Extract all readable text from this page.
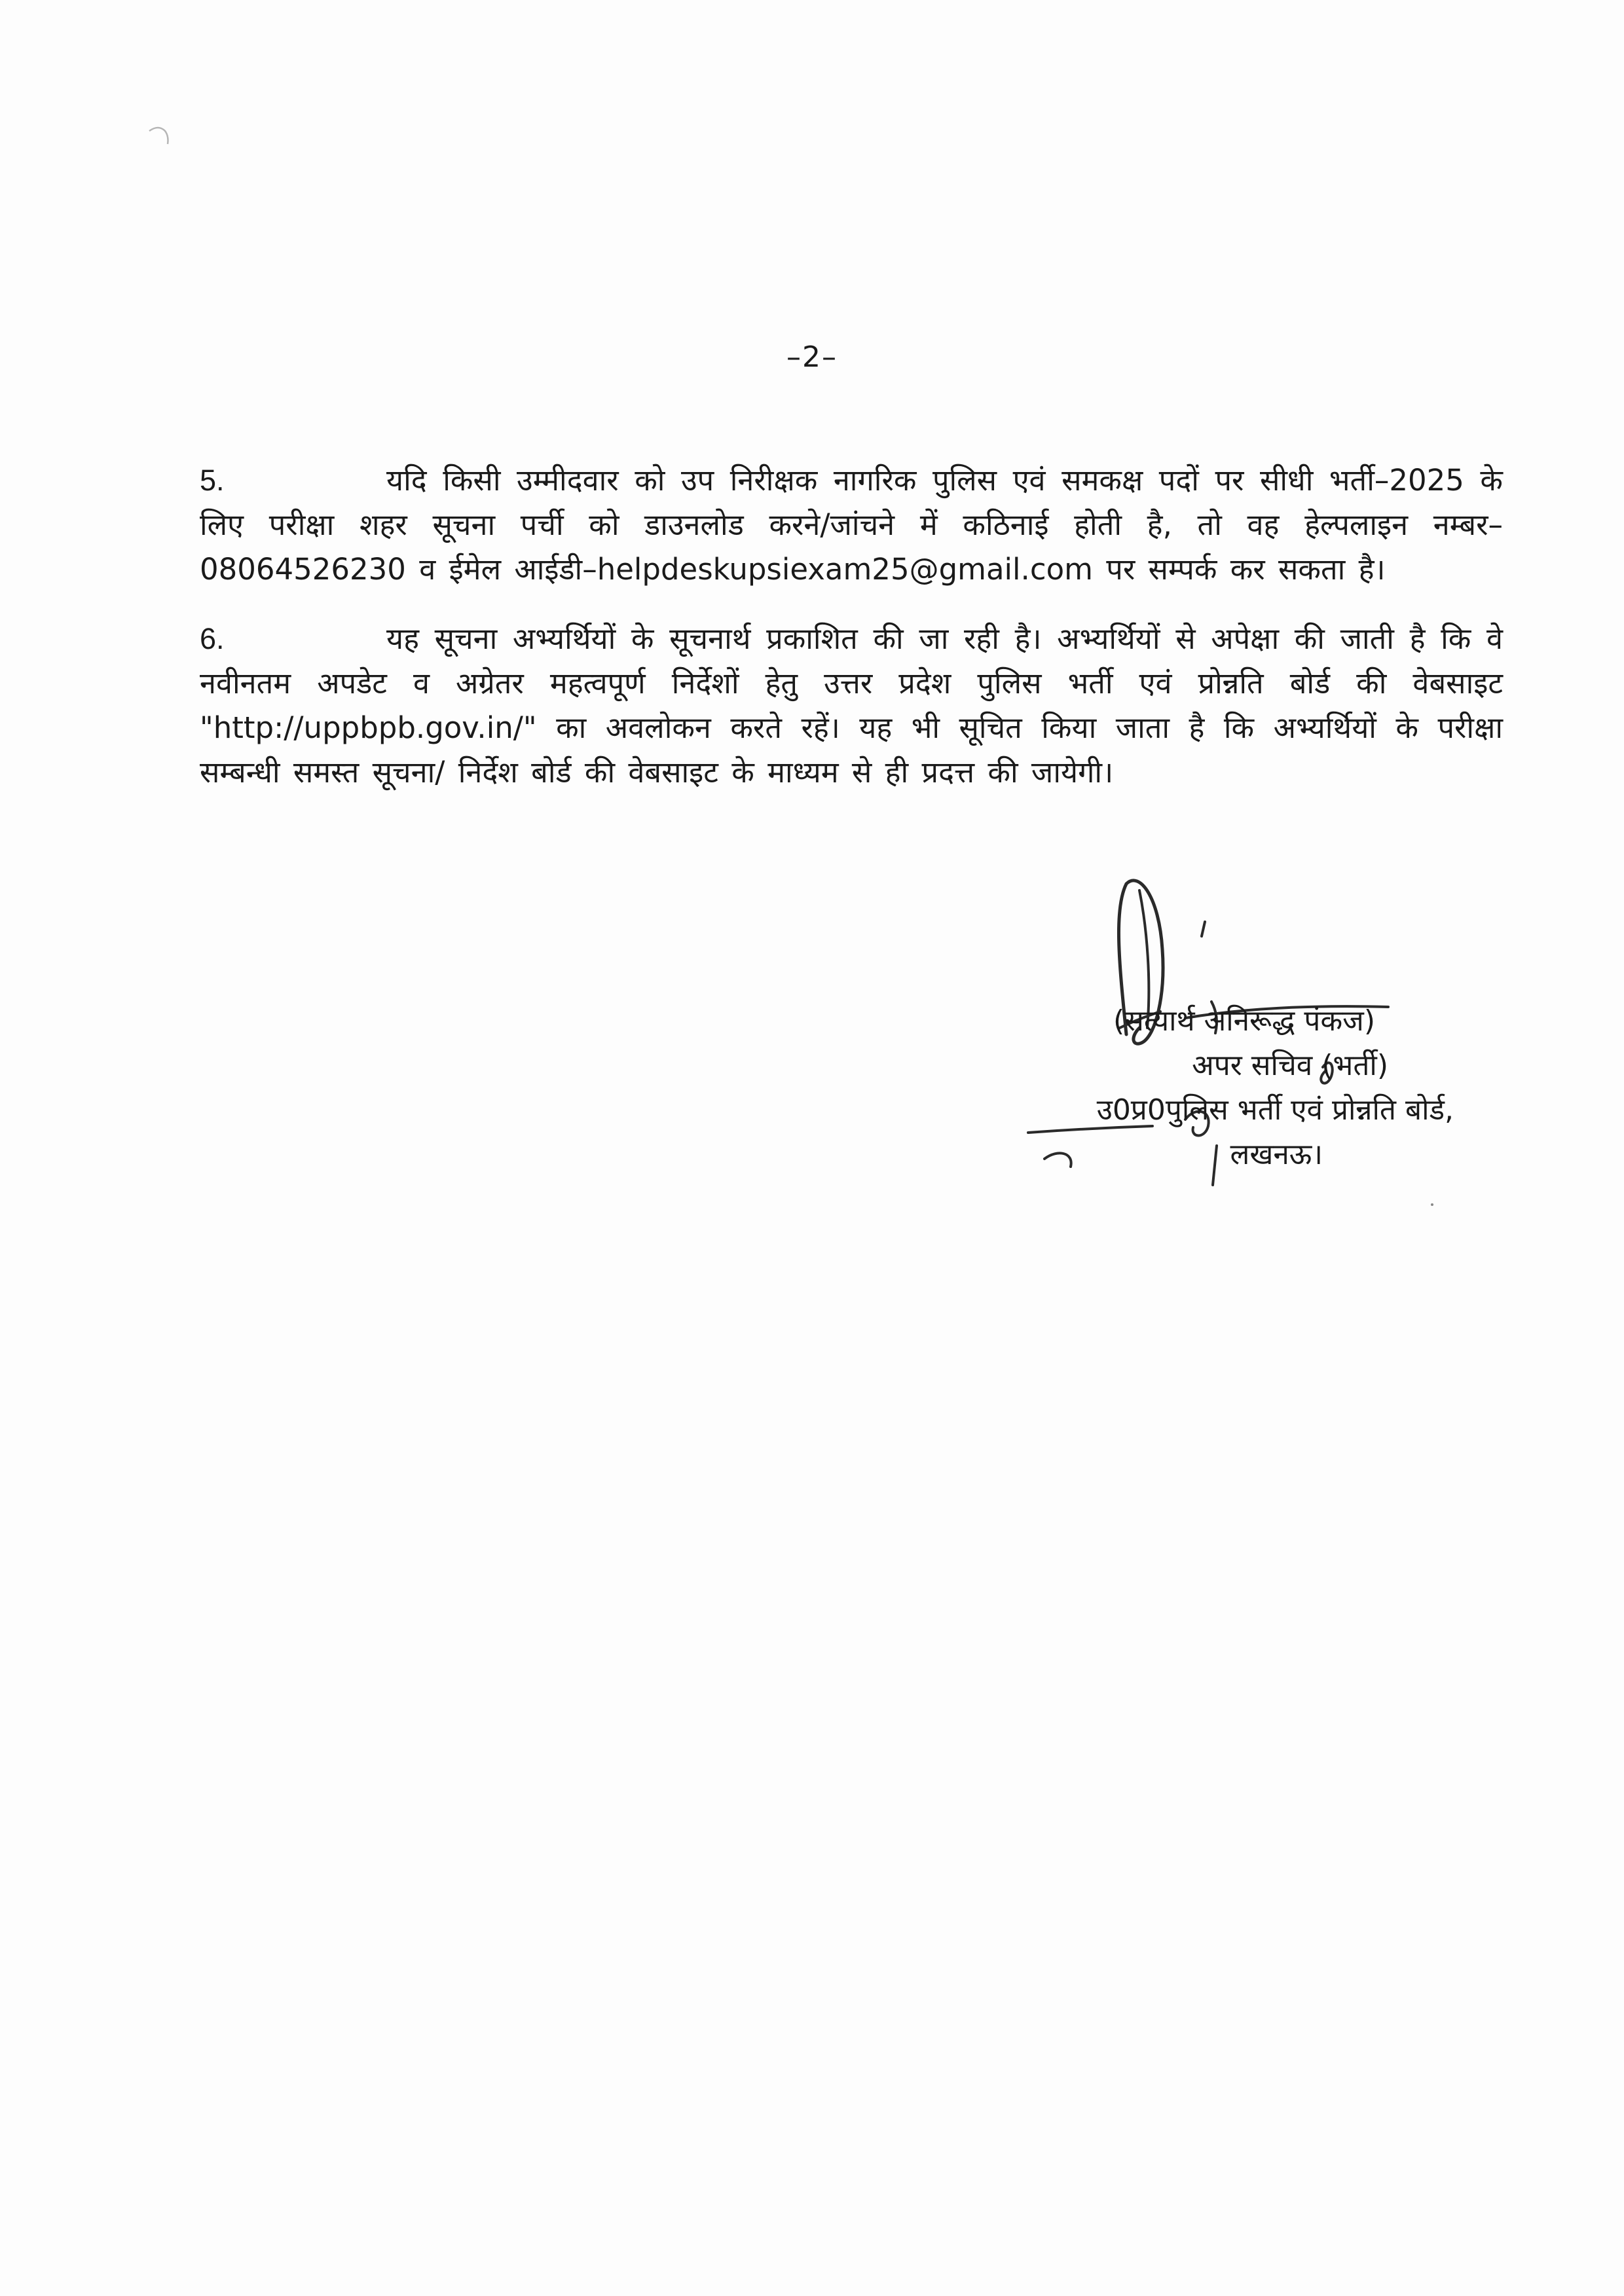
–2–

5.	यदि किसी उम्मीदवार को उप निरीक्षक नागरिक पुलिस एवं समकक्ष पदों पर सीधी भर्ती–2025 के लिए परीक्षा शहर सूचना पर्ची को डाउनलोड करने/जांचने में कठिनाई होती है, तो वह हेल्पलाइन नम्बर–08064526230 व ईमेल आईडी–helpdeskupsiexam25@gmail.com पर सम्पर्क कर सकता है।

6.	यह सूचना अभ्यर्थियों के सूचनार्थ प्रकाशित की जा रही है। अभ्यर्थियों से अपेक्षा की जाती है कि वे नवीनतम अपडेट व अग्रेतर महत्वपूर्ण निर्देशों हेतु उत्तर प्रदेश पुलिस भर्ती एवं प्रोन्नति बोर्ड की वेबसाइट "http://uppbpb.gov.in/" का अवलोकन करते रहें। यह भी सूचित किया जाता है कि अभ्यर्थियों के परीक्षा सम्बन्धी समस्त सूचना/ निर्देश बोर्ड की वेबसाइट के माध्यम से ही प्रदत्त की जायेगी।

(सत्यार्थ अनिरूद्ध पंकज)
अपर सचिव (भर्ती)
उ0प्र0पुलिस भर्ती एवं प्रोन्नति बोर्ड,
लखनऊ।
